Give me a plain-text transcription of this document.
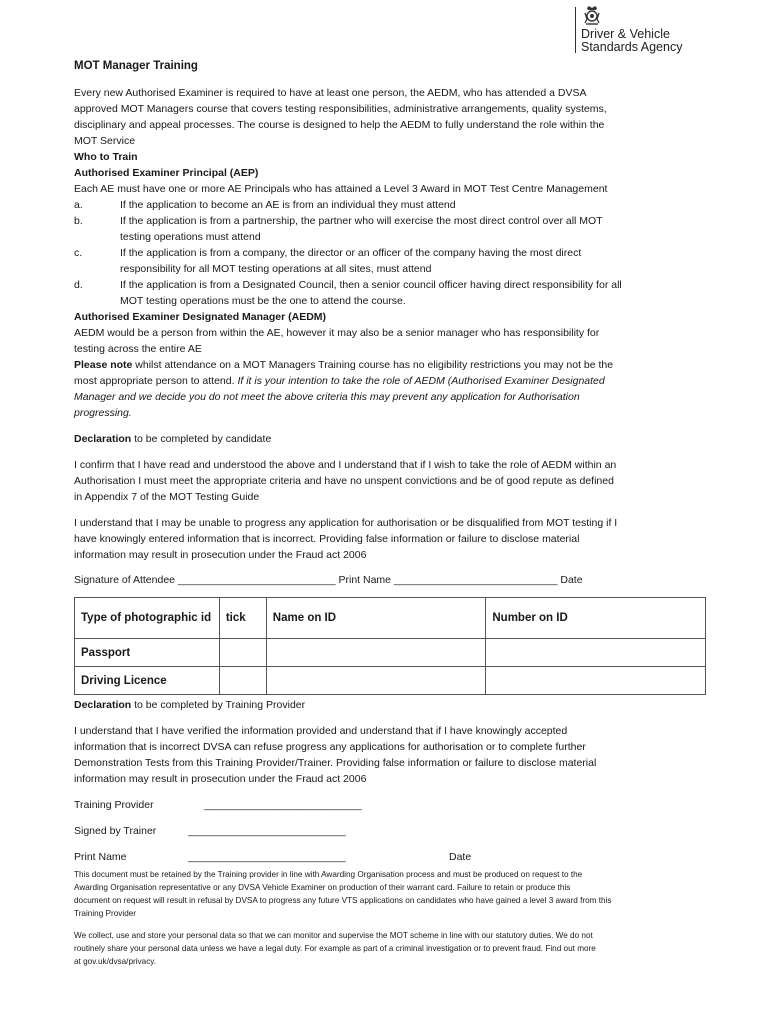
Driver & Vehicle
Standards Agency
MOT Manager Training
Every new Authorised Examiner is required to have at least one person, the AEDM, who has attended a DVSA
approved MOT Managers course that covers testing responsibilities, administrative arrangements, quality systems,
disciplinary and appeal processes. The course is designed to help the AEDM to fully understand the role within the
MOT Service
Who to Train
Authorised Examiner Principal (AEP)
Each AE must have one or more AE Principals who has attained a Level 3 Award in MOT Test Centre Management
a.	If the application to become an AE is from an individual they must attend
b.	If the application is from a partnership, the partner who will exercise the most direct control over all MOT
testing operations must attend
c.	If the application is from a company, the director or an officer of the company having the most direct
responsibility for all MOT testing operations at all sites, must attend
d.	If the application is from a Designated Council, then a senior council officer having direct responsibility for all
MOT testing operations must be the one to attend the course.
Authorised Examiner Designated Manager (AEDM)
AEDM would be a person from within the AE, however it may also be a senior manager who has responsibility for
testing across the entire AE
Please note whilst attendance on a MOT Managers Training course has no eligibility restrictions you may not be the
most appropriate person to attend. If it is your intention to take the role of AEDM (Authorised Examiner Designated
Manager and we decide you do not meet the above criteria this may prevent any application for Authorisation
progressing.
Declaration to be completed by candidate
I confirm that I have read and understood the above and I understand that if I wish to take the role of AEDM within an
Authorisation I must meet the appropriate criteria and have no unspent convictions and be of good repute as defined
in Appendix 7 of the MOT Testing Guide
I understand that I may be unable to progress any application for authorisation or be disqualified from MOT testing if I
have knowingly entered information that is incorrect. Providing false information or failure to disclose material
information may result in prosecution under the Fraud act 2006
Signature of Attendee ___________________________ Print Name ____________________________ Date
Type of photographic id	tick	Name on ID	Number on ID
Passport			
Driving Licence			
Declaration to be completed by Training Provider
I understand that I have verified the information provided and understand that if I have knowingly accepted
information that is incorrect DVSA can refuse progress any applications for authorisation or to complete further
Demonstration Tests from this Training Provider/Trainer. Providing false information or failure to disclose material
information may result in prosecution under the Fraud act 2006
Training Provider	___________________________
Signed by Trainer	___________________________
Print Name	___________________________	Date
This document must be retained by the Training provider in line with Awarding Organisation process and must be produced on request to the
Awarding Organisation representative or any DVSA Vehicle Examiner on production of their warrant card. Failure to retain or produce this
document on request will result in refusal by DVSA to progress any future VTS applications on candidates who have gained a level 3 award from this
Training Provider
We collect, use and store your personal data so that we can monitor and supervise the MOT scheme in line with our statutory duties. We do not
routinely share your personal data unless we have a legal duty. For example as part of a criminal investigation or to prevent fraud. Find out more
at gov.uk/dvsa/privacy.
